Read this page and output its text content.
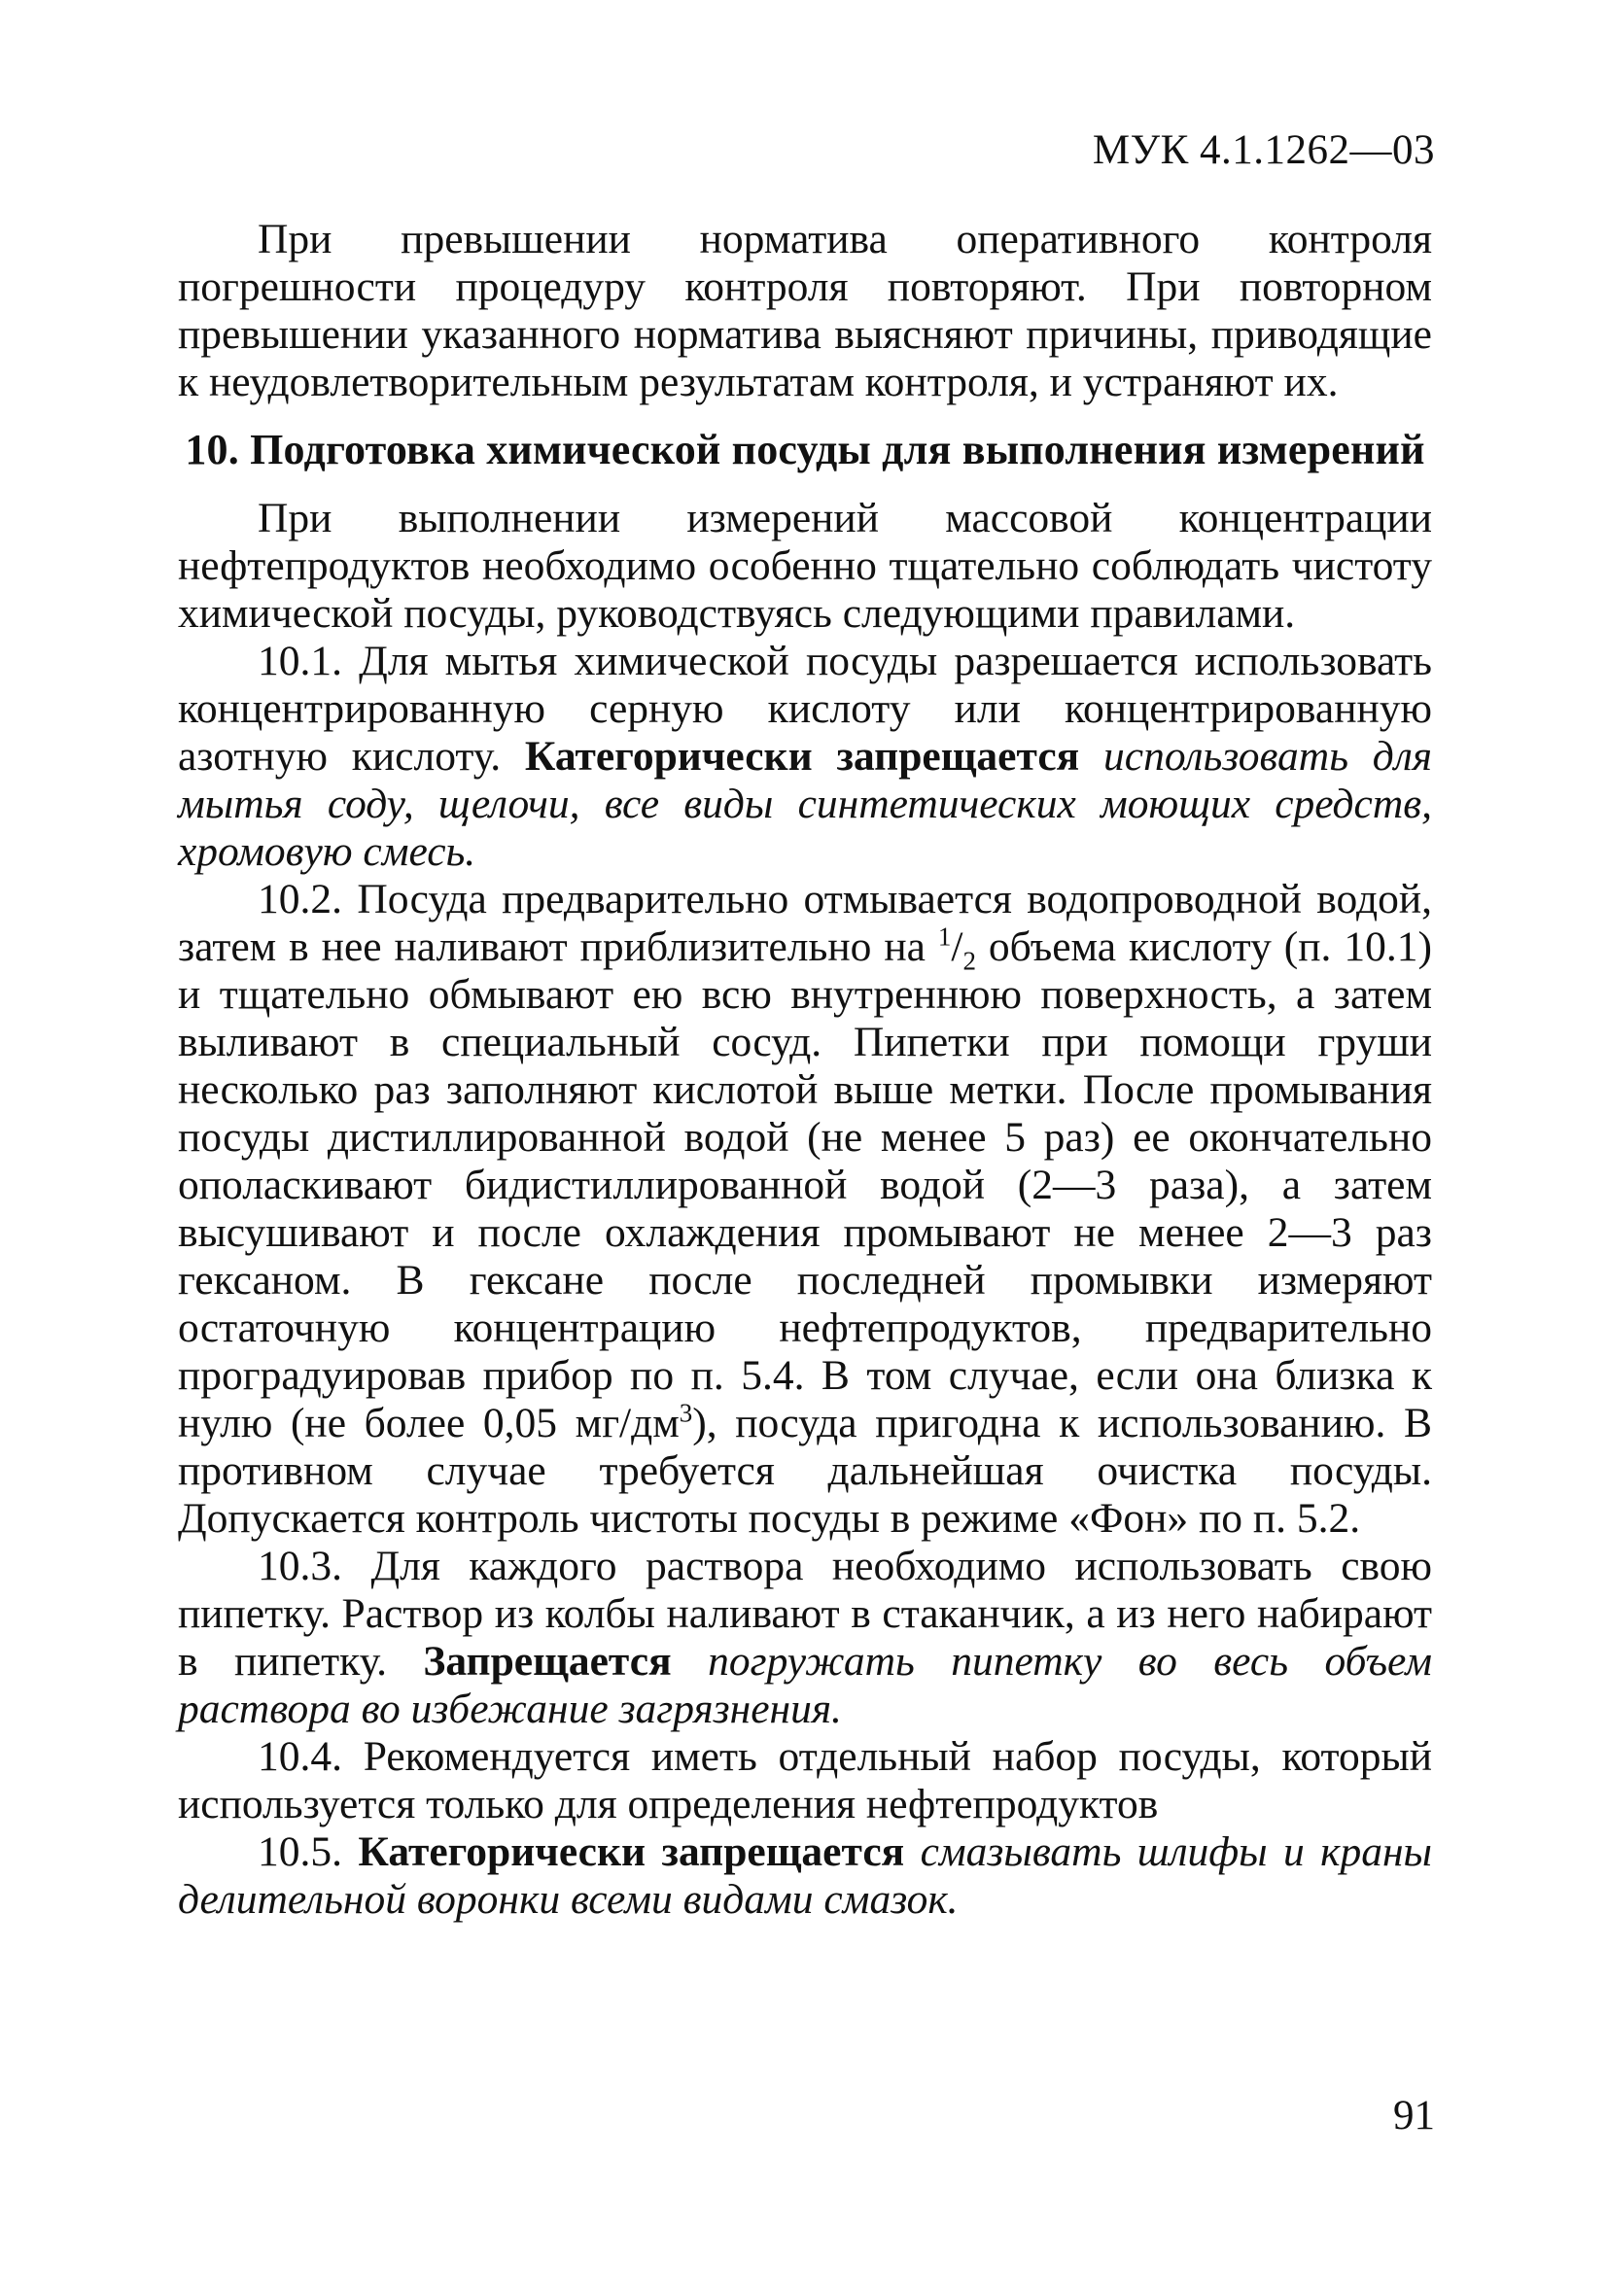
МУК 4.1.1262—03

При превышении норматива оперативного контроля погрешности процедуру контроля повторяют. При повторном превышении указанного норматива выясняют причины, приводящие к неудовлетворительным результатам контроля, и устраняют их.

10. Подготовка химической посуды для выполнения измерений

При выполнении измерений массовой концентрации нефтепродуктов необходимо особенно тщательно соблюдать чистоту химической посуды, руководствуясь следующими правилами.

10.1. Для мытья химической посуды разрешается использовать концентрированную серную кислоту или концентрированную азотную кислоту. Категорически запрещается использовать для мытья соду, щелочи, все виды синтетических моющих средств, хромовую смесь.

10.2. Посуда предварительно отмывается водопроводной водой, затем в нее наливают приблизительно на $^1/_2$ объема кислоту (п. 10.1) и тщательно обмывают ею всю внутреннюю поверхность, а затем выливают в специальный сосуд. Пипетки при помощи груши несколько раз заполняют кислотой выше метки. После промывания посуды дистиллированной водой (не менее 5 раз) ее окончательно ополаскивают бидистиллированной водой (2—3 раза), а затем высушивают и после охлаждения промывают не менее 2—3 раз гексаном. В гексане после последней промывки измеряют остаточную концентрацию нефтепродуктов, предварительно проградуировав прибор по п. 5.4. В том случае, если она близка к нулю (не более 0,05 $мг/дм^3$), посуда пригодна к использованию. В противном случае требуется дальнейшая очистка посуды. Допускается контроль чистоты посуды в режиме «Фон» по п. 5.2.

10.3. Для каждого раствора необходимо использовать свою пипетку. Раствор из колбы наливают в стаканчик, а из него набирают в пипетку. Запрещается погружать пипетку во весь объем раствора во избежание загрязнения.

10.4. Рекомендуется иметь отдельный набор посуды, который используется только для определения нефтепродуктов

10.5. Категорически запрещается смазывать шлифы и краны делительной воронки всеми видами смазок.

91
